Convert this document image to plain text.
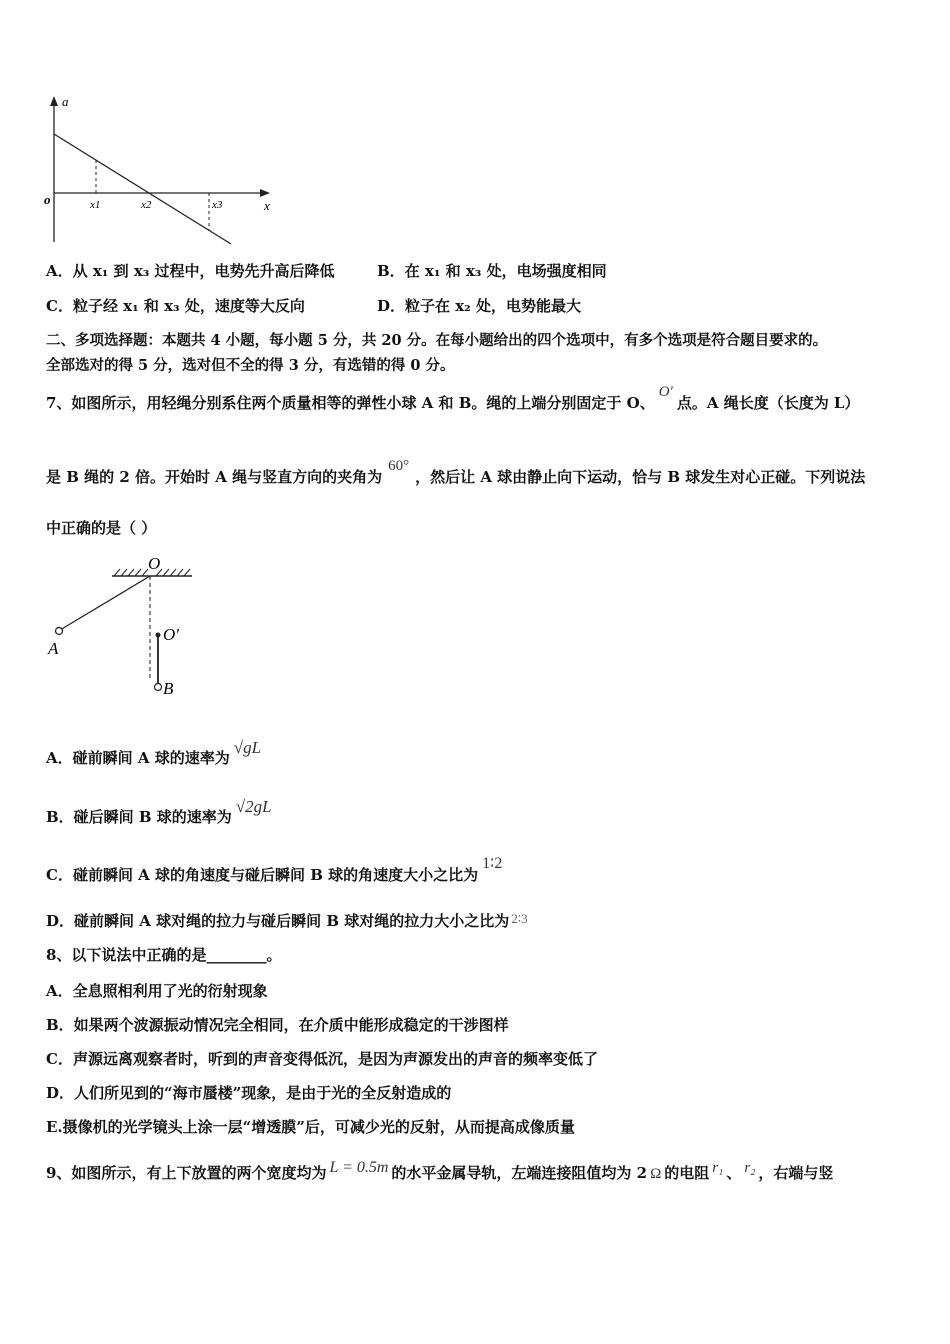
a
x
o	x1	x2	x3
A．从 x₁ 到 x₃ 过程中，电势先升高后降低	B．在 x₁ 和 x₃ 处，电场强度相同
C．粒子经 x₁ 和 x₃ 处，速度等大反向	D．粒子在 x₂ 处，电势能最大
二、多项选择题：本题共 4 小题，每小题 5 分，共 20 分。在每小题给出的四个选项中，有多个选项是符合题目要求的。
全部选对的得 5 分，选对但不全的得 3 分，有选错的得 0 分。
7、如图所示，用轻绳分别系住两个质量相等的弹性小球 A 和 B。绳的上端分别固定于 O、O′点。A 绳长度（长度为 L）
是 B 绳的 2 倍。开始时 A 绳与竖直方向的夹角为60°，然后让 A 球由静止向下运动，恰与 B 球发生对心正碰。下列说法
中正确的是（ ）
O
O′
A
B
A．碰前瞬间 A 球的速率为√gL
B．碰后瞬间 B 球的速率为√2gL
C．碰前瞬间 A 球的角速度与碰后瞬间 B 球的角速度大小之比为1∶2
D．碰前瞬间 A 球对绳的拉力与碰后瞬间 B 球对绳的拉力大小之比为 2∶3
8、以下说法中正确的是________。
A．全息照相利用了光的衍射现象
B．如果两个波源振动情况完全相同，在介质中能形成稳定的干涉图样
C．声源远离观察者时，听到的声音变得低沉，是因为声源发出的声音的频率变低了
D．人们所见到的“海市蜃楼”现象，是由于光的全反射造成的
E.摄像机的光学镜头上涂一层“增透膜”后，可减少光的反射，从而提高成像质量
9、如图所示，有上下放置的两个宽度均为 L = 0.5m 的水平金属导轨，左端连接阻值均为 2 Ω 的电阻 r₁ 、 r₂ ，右端与竖
